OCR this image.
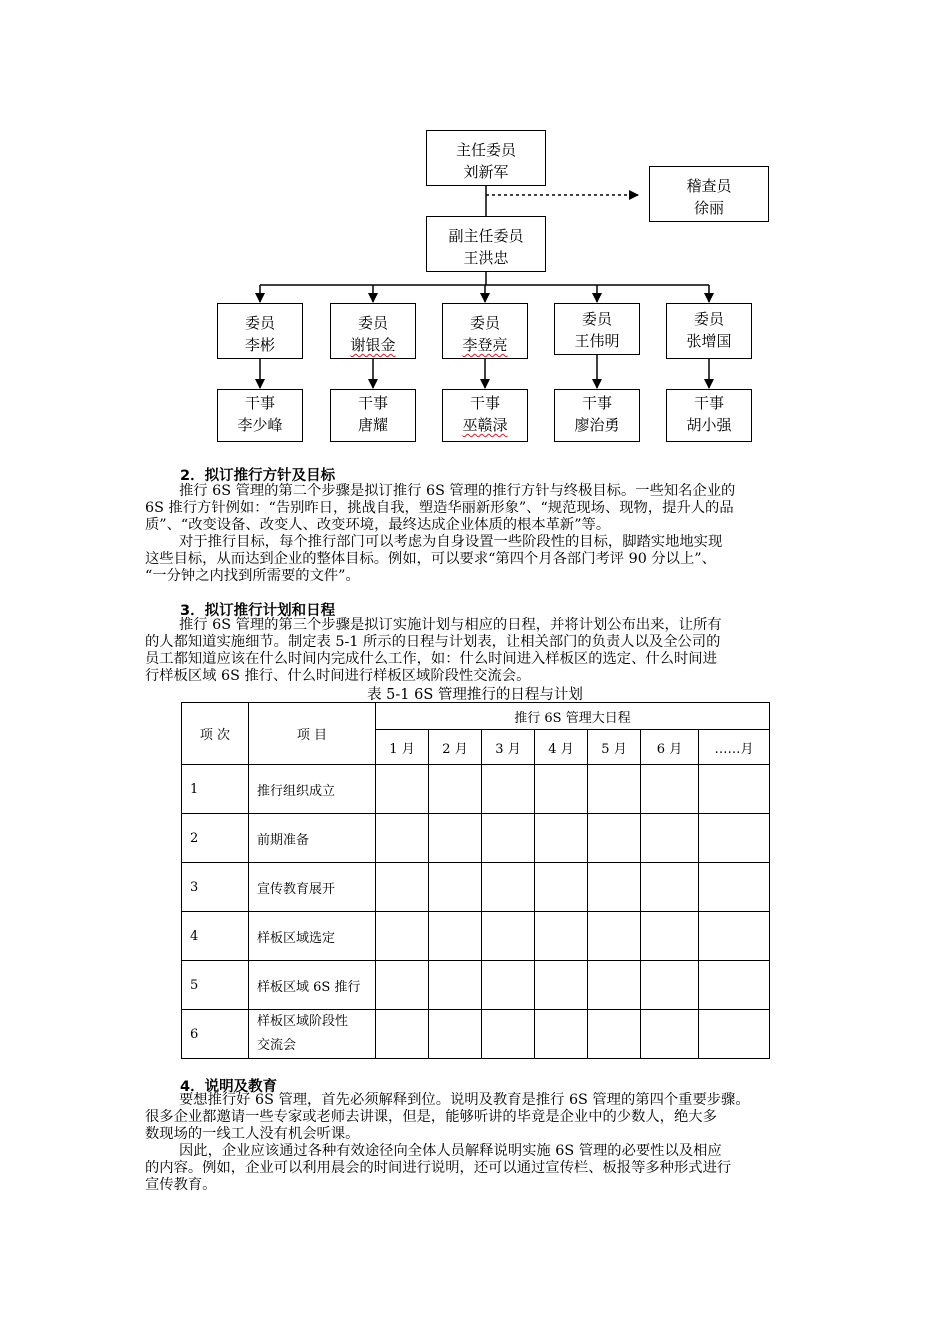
主任委员
刘新军
稽查员
徐丽
副主任委员
王洪忠
委员
李彬
委员
谢银金
委员
李登亮
委员
王伟明
委员
张增国
干事
李少峰
干事
唐耀
干事
巫赣渌
干事
廖治勇
干事
胡小强
2．拟订推行方针及目标
推行 6S 管理的第二个步骤是拟订推行 6S 管理的推行方针与终极目标。一些知名企业的
6S 推行方针例如：“告别昨日，挑战自我，塑造华丽新形象”、“规范现场、现物，提升人的品
质”、“改变设备、改变人、改变环境，最终达成企业体质的根本革新”等。
对于推行目标，每个推行部门可以考虑为自身设置一些阶段性的目标，脚踏实地地实现
这些目标，从而达到企业的整体目标。例如，可以要求“第四个月各部门考评 90 分以上”、
“一分钟之内找到所需要的文件”。
3．拟订推行计划和日程
推行 6S 管理的第三个步骤是拟订实施计划与相应的日程，并将计划公布出来，让所有
的人都知道实施细节。制定表 5-1 所示的日程与计划表，让相关部门的负责人以及全公司的
员工都知道应该在什么时间内完成什么工作，如：什么时间进入样板区的选定、什么时间进
行样板区域 6S 推行、什么时间进行样板区域阶段性交流会。
表 5-1 6S 管理推行的日程与计划
项 次	项 目	推行 6S 管理大日程						
		1 月	2 月	3 月	4 月	5 月	6 月	……月
1	推行组织成立							
2	前期准备							
3	宣传教育展开							
4	样板区域选定							
5	样板区域 6S 推行							
6	样板区域阶段性
交流会							

4．说明及教育
要想推行好 6S 管理，首先必须解释到位。说明及教育是推行 6S 管理的第四个重要步骤。
很多企业都邀请一些专家或老师去讲课，但是，能够听讲的毕竟是企业中的少数人，绝大多
数现场的一线工人没有机会听课。
因此，企业应该通过各种有效途径向全体人员解释说明实施 6S 管理的必要性以及相应
的内容。例如，企业可以利用晨会的时间进行说明，还可以通过宣传栏、板报等多种形式进行
宣传教育。
